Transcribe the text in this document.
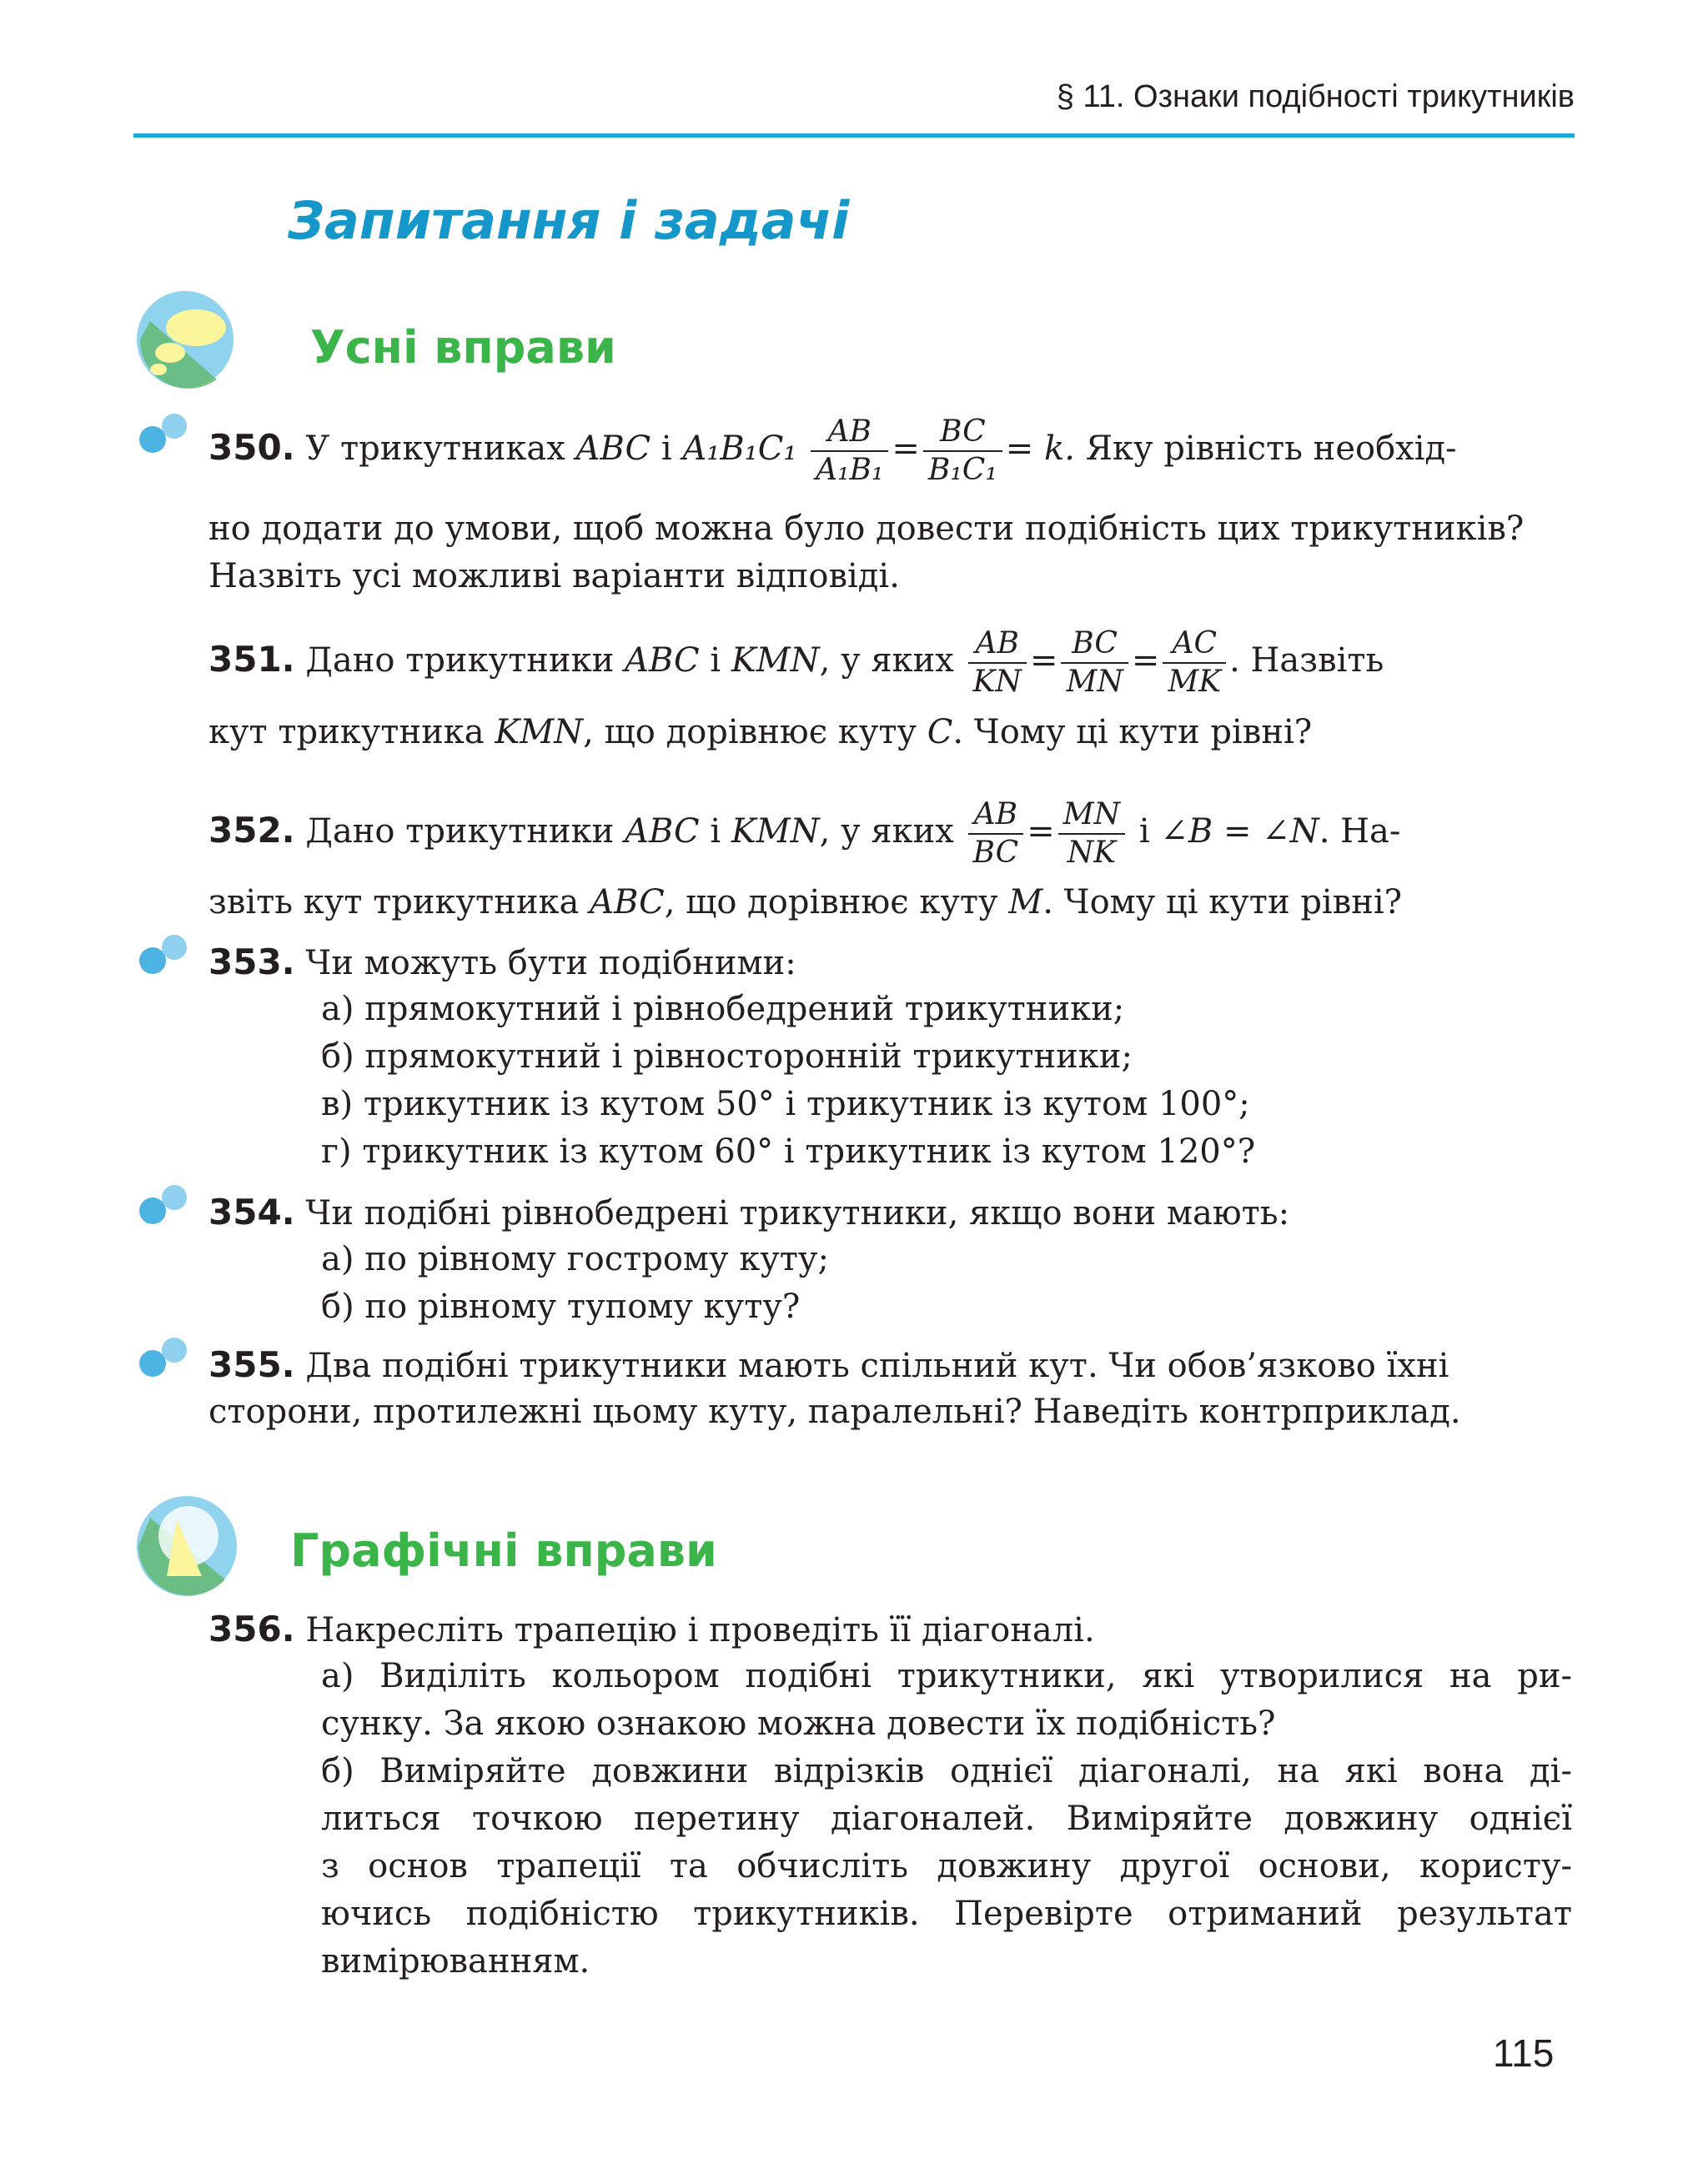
§ 11. Ознаки подібності трикутників
Запитання і задачі
Усні вправи
350. У трикутниках ABC і $A_1B_1C_1 \frac{AB}{\text{A₁B₁}} = \frac{BC}{\text{B₁C₁}} = k$. Яку рівність необхід-
но додати до умови, щоб можна було довести подібність цих трикутників?
Назвіть усі можливі варіанти відповіді.
351. Дано трикутники ABC і KMN, у яких $\frac{AB}{KN} = \frac{BC}{MN} = \frac{AC}{MK}$ . Назвіть
кут трикутника KMN, що дорівнює куту C. Чому ці кути рівні?
352. Дано трикутники ABC і KMN, у яких $\frac{AB}{BC} = \frac{MN}{NK}$ і ∠B = ∠N. На-
звіть кут трикутника ABC, що дорівнює куту M. Чому ці кути рівні?
353. Чи можуть бути подібними:
а) прямокутний і рівнобедрений трикутники;
б) прямокутний і рівносторонній трикутники;
в) трикутник із кутом 50° і трикутник із кутом 100°;
г) трикутник із кутом 60° і трикутник із кутом 120°?
354. Чи подібні рівнобедрені трикутники, якщо вони мають:
а) по рівному гострому куту;
б) по рівному тупому куту?
355. Два подібні трикутники мають спільний кут. Чи обов’язково їхні
сторони, протилежні цьому куту, паралельні? Наведіть контрприклад.
Графічні вправи
356. Накресліть трапецію і проведіть її діагоналі.
а) Виділіть кольором подібні трикутники, які утворилися на ри-
сунку. За якою ознакою можна довести їх подібність?
б) Виміряйте довжини відрізків однієї діагоналі, на які вона ді-
литься точкою перетину діагоналей. Виміряйте довжину однієї
з основ трапеції та обчисліть довжину другої основи, користу-
ючись подібністю трикутників. Перевірте отриманий результат
вимірюванням.
115
